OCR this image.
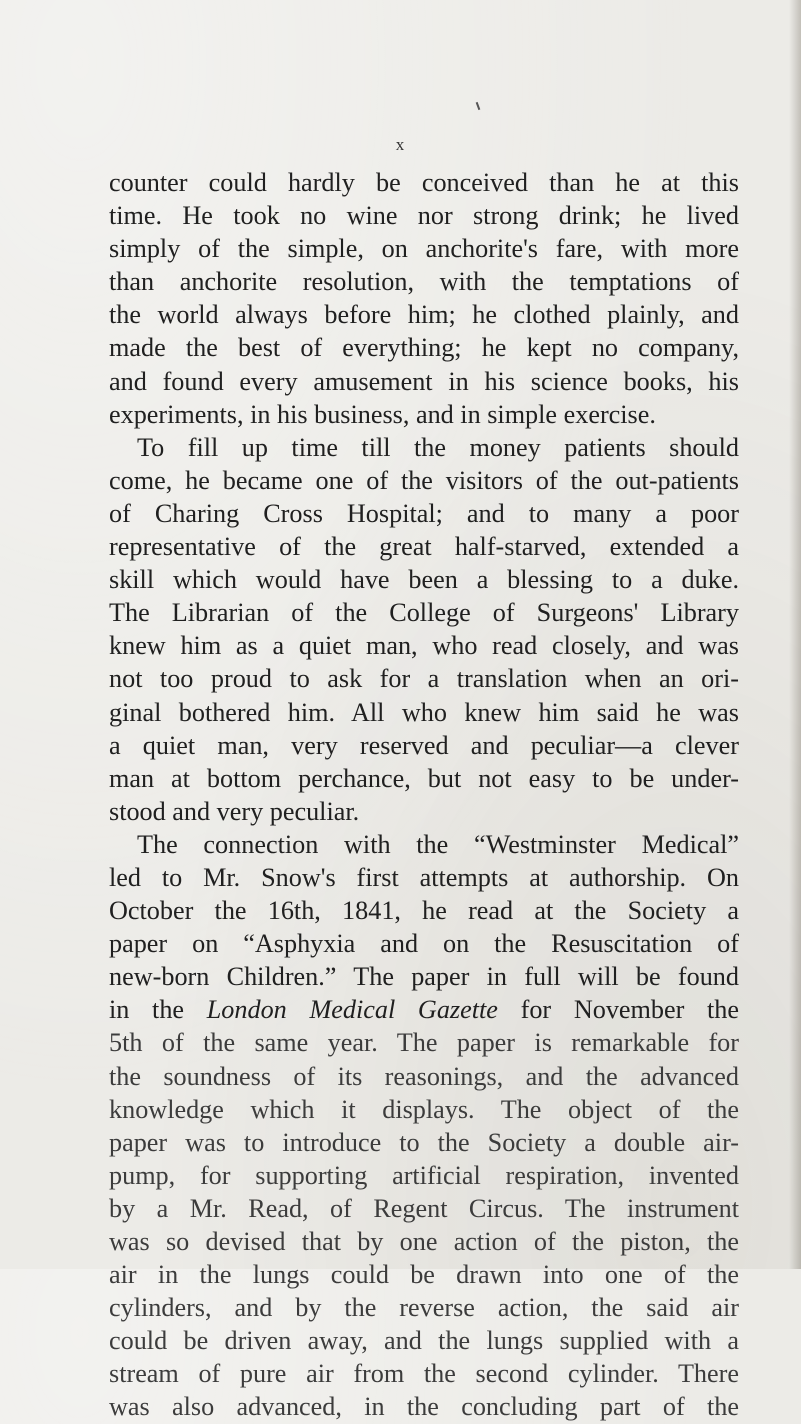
x
counter could hardly be conceived than he at this
time. He took no wine nor strong drink; he lived
simply of the simple, on anchorite's fare, with more
than anchorite resolution, with the temptations of
the world always before him; he clothed plainly, and
made the best of everything; he kept no company,
and found every amusement in his science books, his
experiments, in his business, and in simple exercise.
To fill up time till the money patients should
come, he became one of the visitors of the out-patients
of Charing Cross Hospital; and to many a poor
representative of the great half-starved, extended a
skill which would have been a blessing to a duke.
The Librarian of the College of Surgeons' Library
knew him as a quiet man, who read closely, and was
not too proud to ask for a translation when an ori-
ginal bothered him. All who knew him said he was
a quiet man, very reserved and peculiar—a clever
man at bottom perchance, but not easy to be under-
stood and very peculiar.
The connection with the “Westminster Medical”
led to Mr. Snow's first attempts at authorship. On
October the 16th, 1841, he read at the Society a
paper on “Asphyxia and on the Resuscitation of
new-born Children.” The paper in full will be found
in the London Medical Gazette for November the
5th of the same year. The paper is remarkable for
the soundness of its reasonings, and the advanced
knowledge which it displays. The object of the
paper was to introduce to the Society a double air-
pump, for supporting artificial respiration, invented
by a Mr. Read, of Regent Circus. The instrument
was so devised that by one action of the piston, the
air in the lungs could be drawn into one of the
cylinders, and by the reverse action, the said air
could be driven away, and the lungs supplied with a
stream of pure air from the second cylinder. There
was also advanced, in the concluding part of the
